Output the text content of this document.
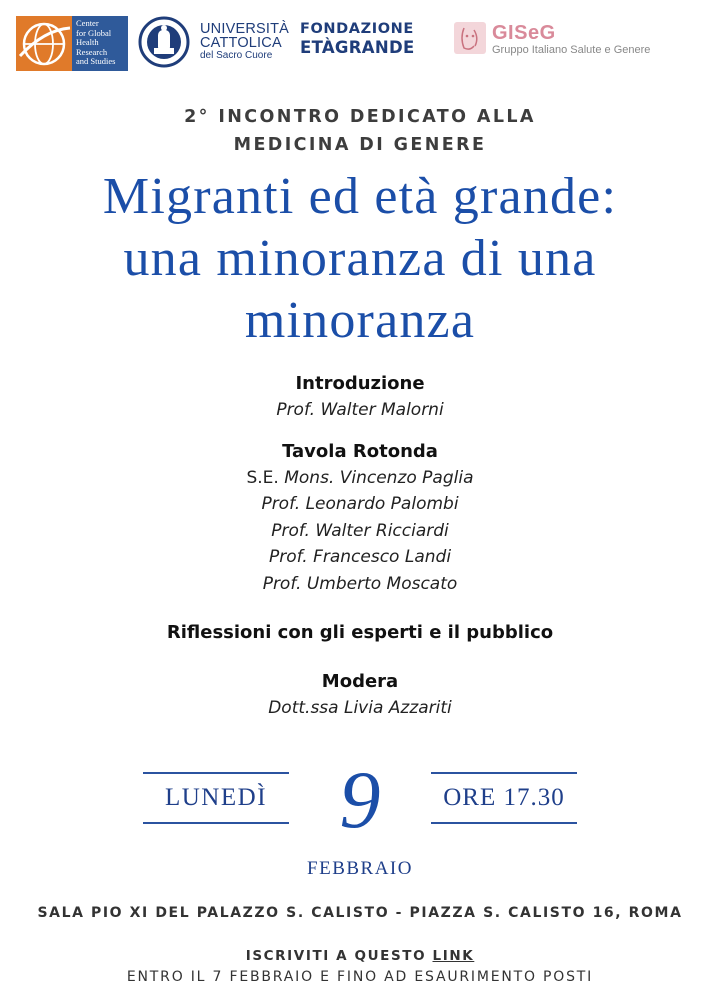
Center
for Global
Health
Research
and Studies
UNIVERSITÀ
CATTOLICA
del Sacro Cuore
FONDAZIONE
ETÀGRANDE
GISeG
Gruppo Italiano Salute e Genere
2° INCONTRO DEDICATO ALLA
MEDICINA DI GENERE
Migranti ed età grande:
una minoranza di una
minoranza
Introduzione
Prof. Walter Malorni
Tavola Rotonda
S.E. Mons. Vincenzo Paglia
Prof. Leonardo Palombi
Prof. Walter Ricciardi
Prof. Francesco Landi
Prof. Umberto Moscato
Riflessioni con gli esperti e il pubblico
Modera
Dott.ssa Livia Azzariti
LUNEDÌ 9	ORE 17.30
FEBBRAIO
SALA PIO XI DEL PALAZZO S. CALISTO - PIAZZA S. CALISTO 16, ROMA
ISCRIVITI A QUESTO LINK
ENTRO IL 7 FEBBRAIO E FINO AD ESAURIMENTO POSTI
